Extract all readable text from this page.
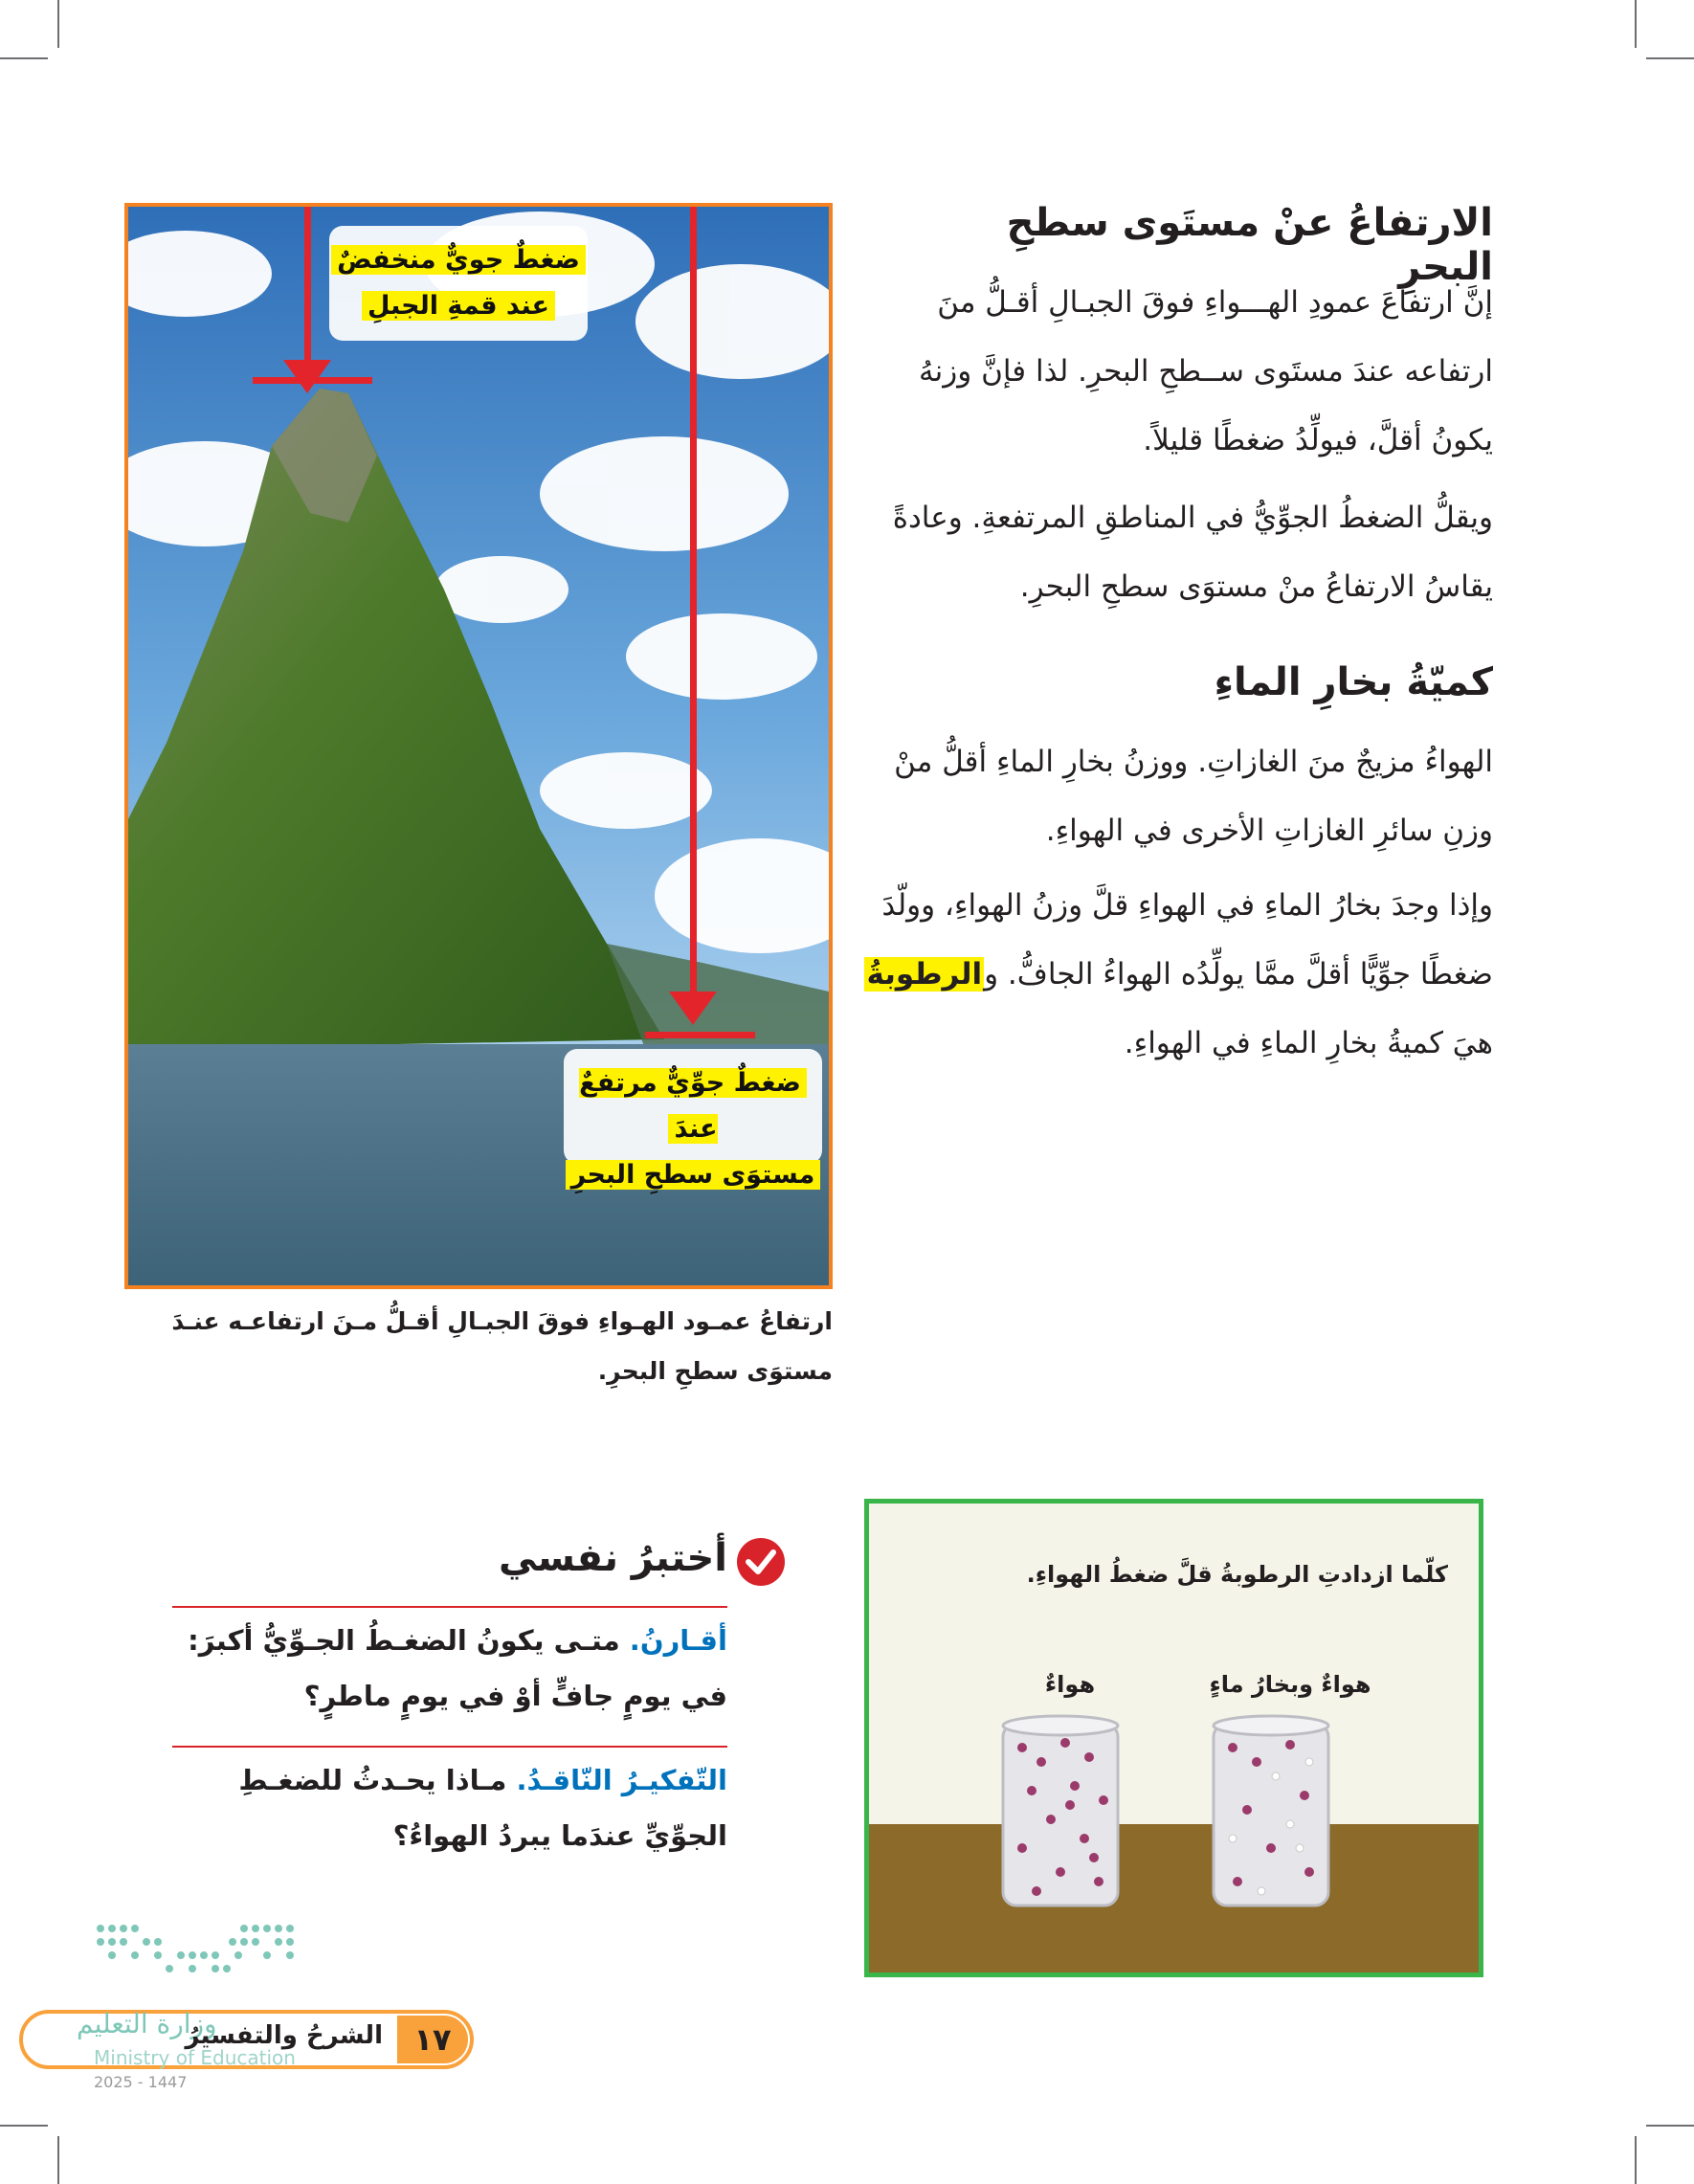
الارتفاعُ عنْ مستَوى سطحِ البحرِ
إنَّ ارتفاعَ عمودِ الهـــواءِ فوقَ الجبـالِ أقـلُّ منَ
ارتفاعه عندَ مستَوى ســطحِ البحرِ. لذا فإنَّ وزنهُ
يكونُ أقلَّ، فيولِّدُ ضغطًا قليلاً.
ويقلُّ الضغطُ الجوِّيُّ في المناطقِ المرتفعةِ. وعادةً
يقاسُ الارتفاعُ منْ مستوَى سطحِ البحرِ.
كميّةُ بخارِ الماءِ
الهواءُ مزيجٌ منَ الغازاتِ. ووزنُ بخارِ الماءِ أقلُّ منْ
وزنِ سائرِ الغازاتِ الأخرى في الهواءِ.
وإذا وجدَ بخارُ الماءِ في الهواءِ قلَّ وزنُ الهواءِ، وولّدَ
ضغطًا جوِّيًّا أقلَّ ممَّا يولِّدُه الهواءُ الجافُّ. والرطوبةُ
هيَ كميةُ بخارِ الماءِ في الهواءِ.
ضغطٌ جويٌّ منخفضٌ
عند قمةِ الجبلِ
ضغطٌ جوِّيٌّ مرتفعٌ عندَ
مستوَى سطحِ البحرِ
ارتفاعُ عمـود الهـواءِ فوقَ الجبـالِ أقـلُّ مـنَ ارتفاعـه عنـدَ
مستوَى سطحِ البحرِ.
كلّما ازدادتِ الرطوبةُ قلَّ ضغطُ الهواءِ.
هواءٌ	هواءٌ وبخارُ ماءٍ
أختبرُ نفسي
أقـارنُ. متـى يكونُ الضغـطُ الجـوِّيُّ أكبرَ:
في يومٍ جافٍّ أوْ في يومٍ ماطرٍ؟
التّفكيـرُ النّاقـدُ. مـاذا يحـدثُ للضغـطِ
الجوِّيِّ عندَما يبردُ الهواءُ؟
وزارة التعليم
الشرحُ والتفسيرُ
Ministry of Education	١٧
2025 - 1447
